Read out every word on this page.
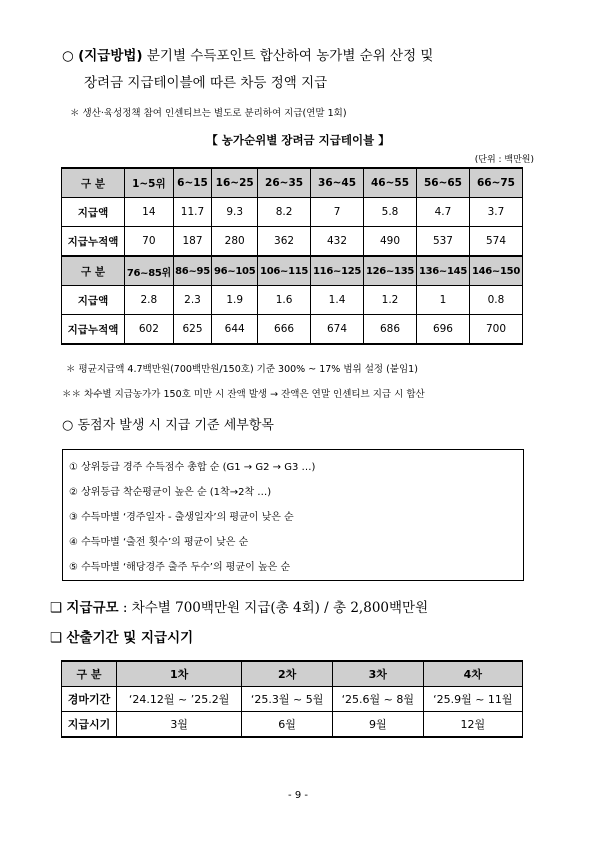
○ (지급방법) 분기별 수득포인트 합산하여 농가별 순위 산정 및
장려금 지급테이블에 따른 차등 정액 지급
＊ 생산·육성정책 참여 인센티브는 별도로 분리하여 지급(연말 1회)
【 농가순위별 장려금 지급테이블 】
(단위 : 백만원)
구 분	1~5위	6~15	16~25	26~35	36~45	46~55	56~65	66~75
지급액	14	11.7	9.3	8.2	7	5.8	4.7	3.7
지급누적액	70	187	280	362	432	490	537	574
구 분	76~85위	86~95	96~105	106~115	116~125	126~135	136~145	146~150
지급액	2.8	2.3	1.9	1.6	1.4	1.2	1	0.8
지급누적액	602	625	644	666	674	686	696	700
＊ 평균지급액 4.7백만원(700백만원/150호) 기준 300% ~ 17% 범위 설정 (붙임1)
＊＊ 차수별 지급농가가 150호 미만 시 잔액 발생 → 잔액은 연말 인센티브 지급 시 합산
○ 동점자 발생 시 지급 기준 세부항목
① 상위등급 경주 수득점수 총합 순 (G1 → G2 → G3 …)
② 상위등급 착순평균이 높은 순 (1착→2착 …)
③ 수득마별 ‘경주일자 - 출생일자’의 평균이 낮은 순
④ 수득마별 ‘출전 횟수’의 평균이 낮은 순
⑤ 수득마별 ‘해당경주 출주 두수’의 평균이 높은 순
❑ 지급규모 : 차수별 700백만원 지급(총 4회) / 총 2,800백만원
❑ 산출기간 및 지급시기
구 분	1차	2차	3차	4차
경마기간	‘24.12월 ~ ’25.2월	‘25.3월 ~ 5월	‘25.6월 ~ 8월	‘25.9월 ~ 11월
지급시기	3월	6월	9월	12월
- 9 -
